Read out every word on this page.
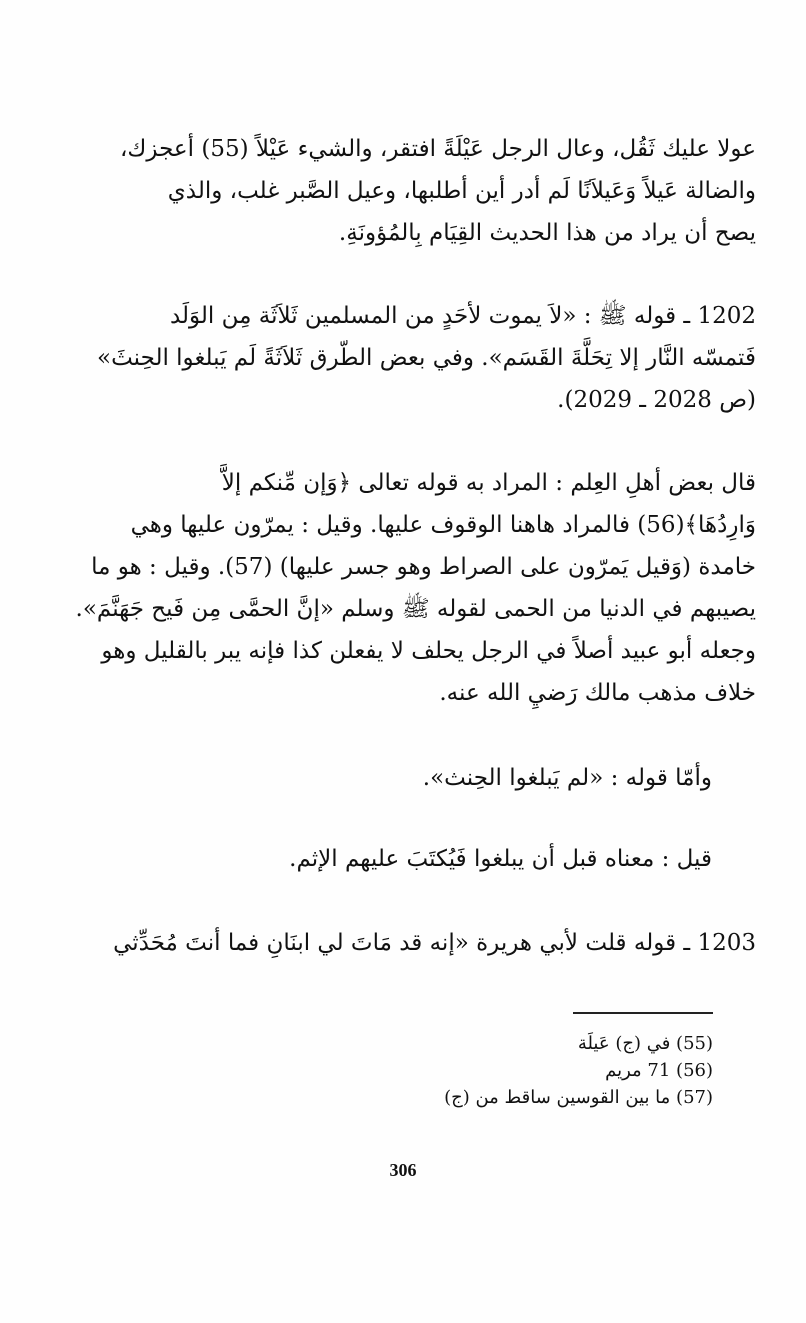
عولا عليك ثَقُل، وعال الرجل عَيْلَةً افتقر، والشيء عَيْلاً (55) أعجزك،
والضالة عَيلاً وَعَيلاَنًا لَم أدر أين أطلبها، وعيل الصَّبر غلب، والذي
يصح أن يراد من هذا الحديث القِيَام بِالمُؤونَةِ.

1202 ـ قوله ﷺ : «لاَ يموت لأحَدٍ من المسلمين ثَلاَثَة مِن الوَلَد
فَتمسّه النَّار إلا تِحَلَّةَ القَسَم». وفي بعض الطّرق ثَلاَثَةً لَم يَبلغوا الحِنثَ»
(ص 2028 ـ 2029).

قال بعض أهلِ العِلم : المراد به قوله تعالى ﴿وَإن مِّنكم إلاَّ
وَارِدُهَا﴾(56) فالمراد هاهنا الوقوف عليها. وقيل : يمرّون عليها وهي
خامدة (وَقيل يَمرّون على الصراط وهو جسر عليها) (57). وقيل : هو ما
يصيبهم في الدنيا من الحمى لقوله ﷺ وسلم «إنَّ الحمَّى مِن فَيح جَهَنَّمَ».
وجعله أبو عبيد أصلاً في الرجل يحلف لا يفعلن كذا فإنه يبر بالقليل وهو
خلاف مذهب مالك رَضيِ الله عنه.

وأمّا قوله : «لم يَبلغوا الحِنث».

قيل : معناه قبل أن يبلغوا فَيُكتَبَ عليهم الإثم.

1203 ـ قوله قلت لأبي هريرة «إنه قد مَاتَ لي ابنَانِ فما أنتَ مُحَدِّثي

(55) في (ج) عَيلَة
(56) 71 مريم
(57) ما بين القوسين ساقط من (ج)

306
